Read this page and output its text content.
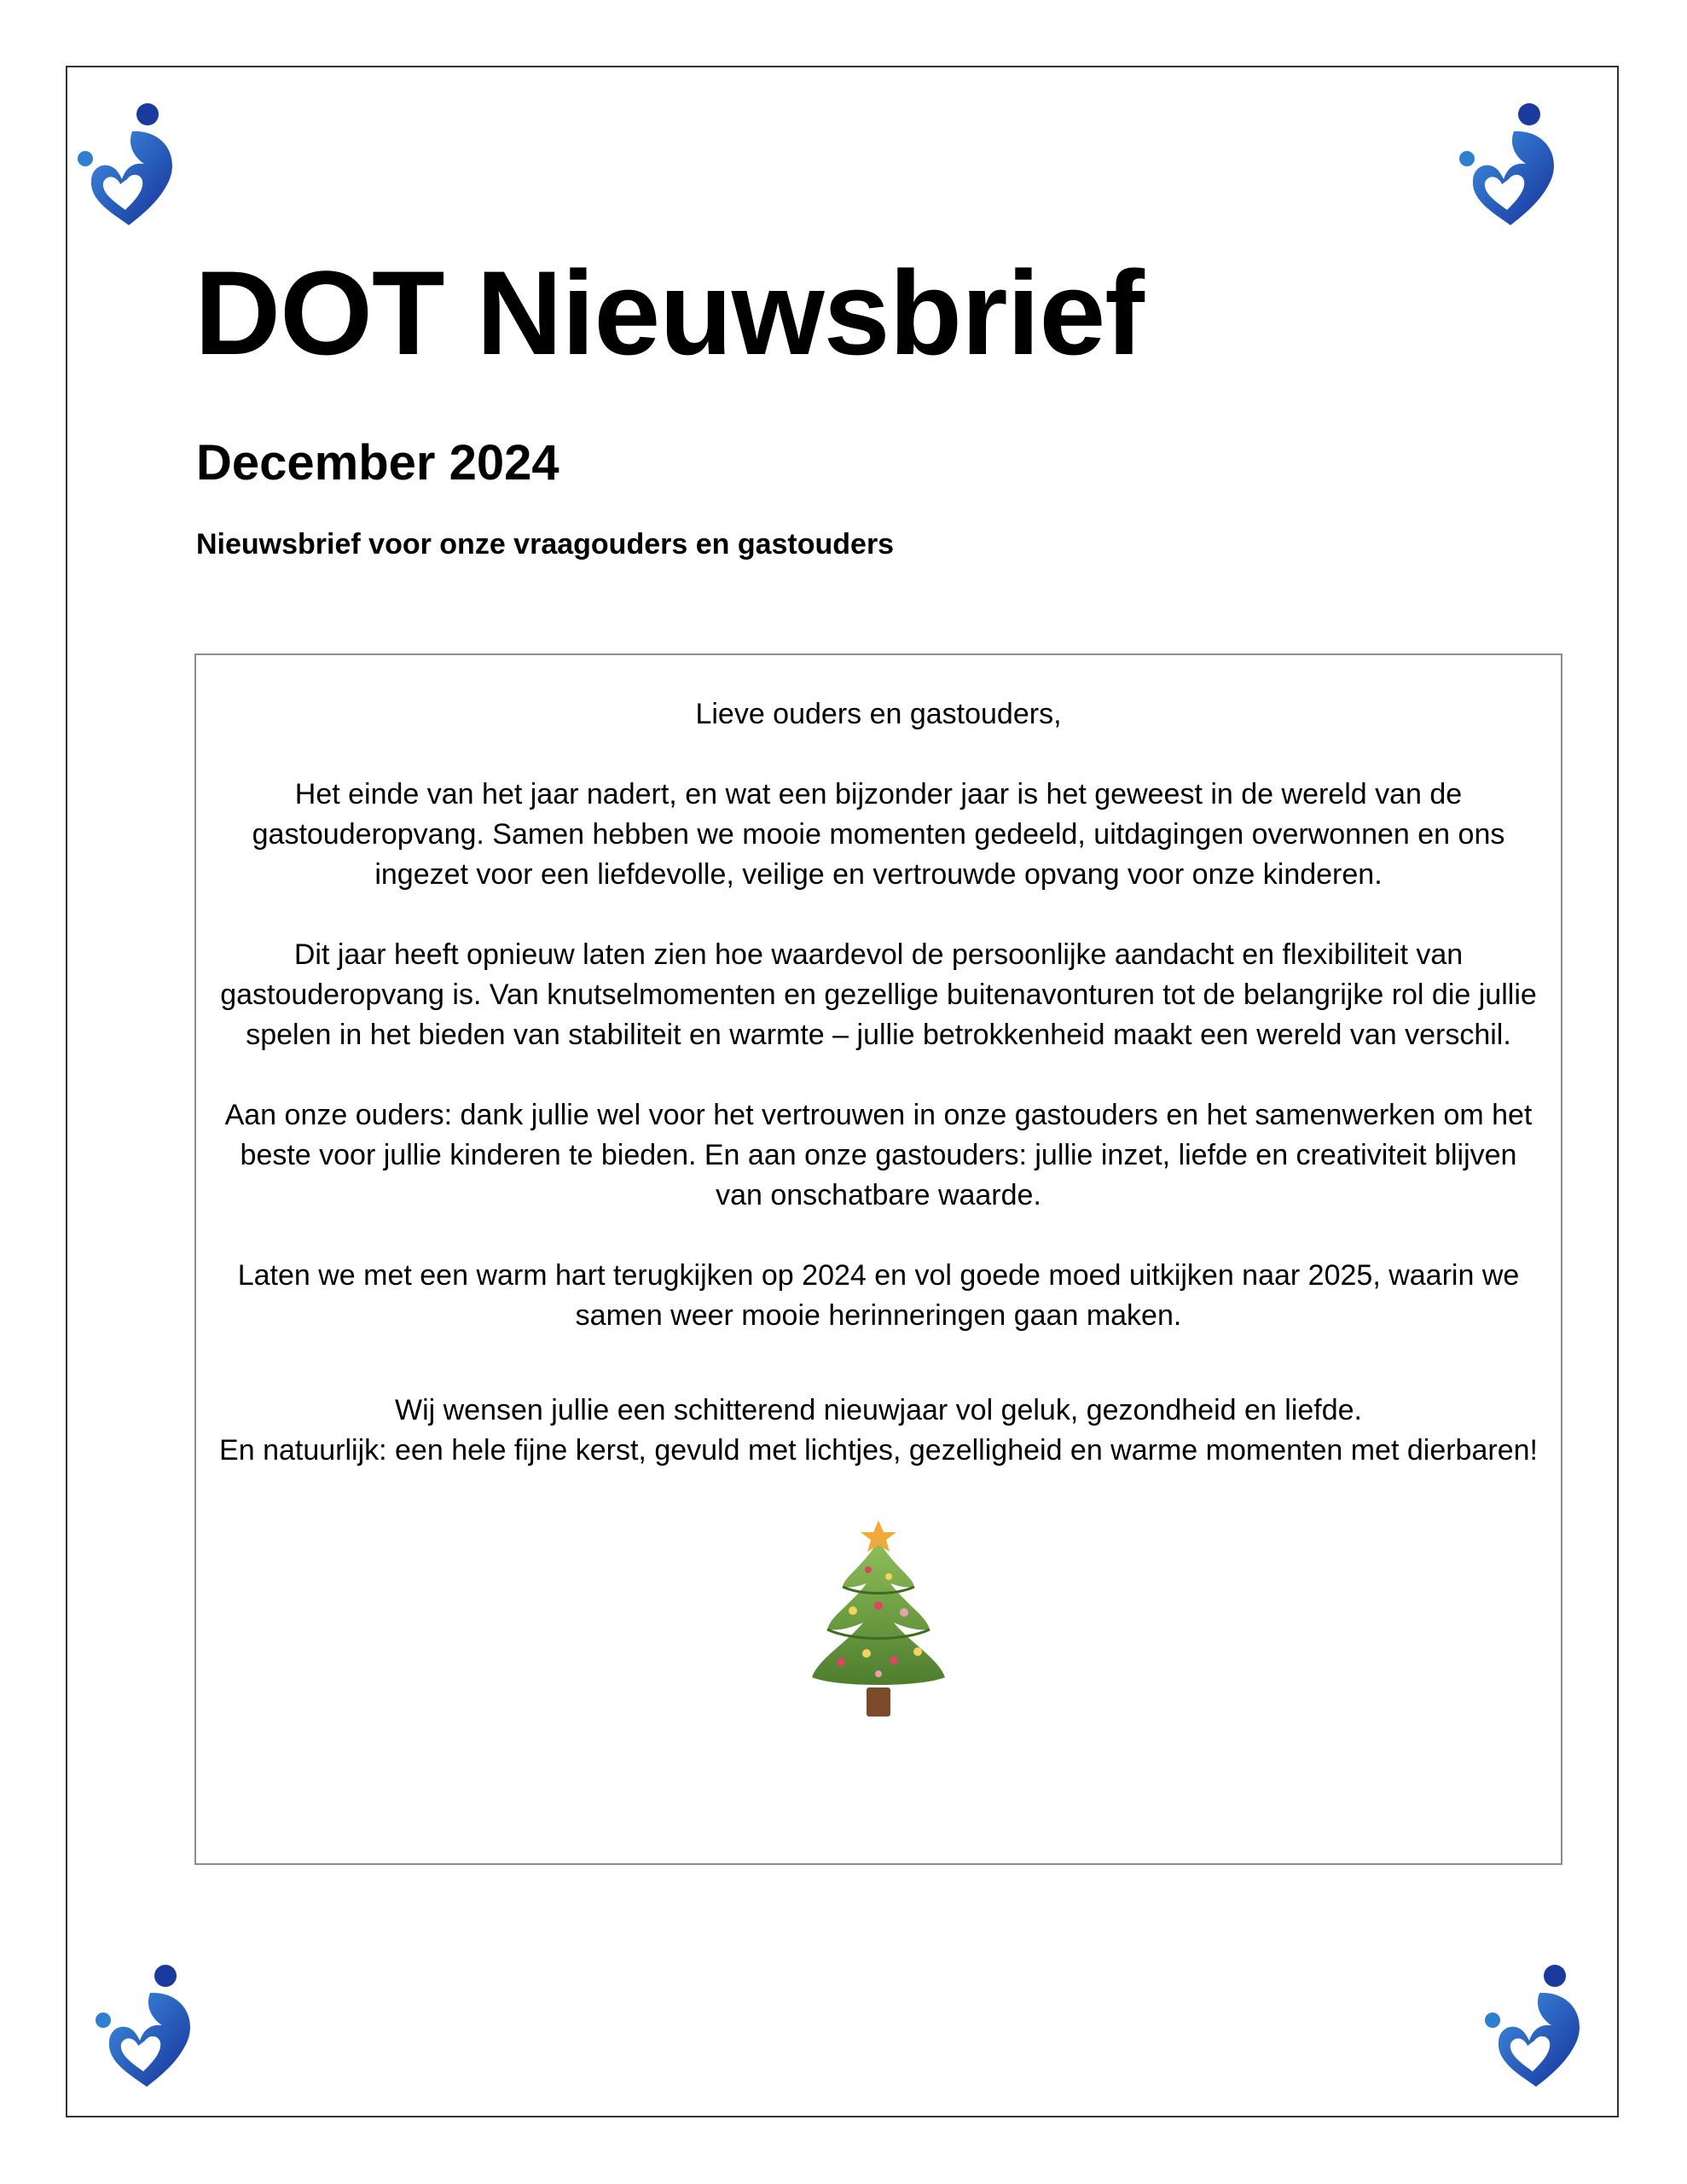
DOT Nieuwsbrief
December 2024

Nieuwsbrief voor onze vraagouders en gastouders

Lieve ouders en gastouders,

Het einde van het jaar nadert, en wat een bijzonder jaar is het geweest in de wereld van de gastouderopvang. Samen hebben we mooie momenten gedeeld, uitdagingen overwonnen en ons ingezet voor een liefdevolle, veilige en vertrouwde opvang voor onze kinderen.

Dit jaar heeft opnieuw laten zien hoe waardevol de persoonlijke aandacht en flexibiliteit van gastouderopvang is. Van knutselmomenten en gezellige buitenavonturen tot de belangrijke rol die jullie spelen in het bieden van stabiliteit en warmte – jullie betrokkenheid maakt een wereld van verschil.

Aan onze ouders: dank jullie wel voor het vertrouwen in onze gastouders en het samenwerken om het beste voor jullie kinderen te bieden. En aan onze gastouders: jullie inzet, liefde en creativiteit blijven van onschatbare waarde.

Laten we met een warm hart terugkijken op 2024 en vol goede moed uitkijken naar 2025, waarin we samen weer mooie herinneringen gaan maken.

Wij wensen jullie een schitterend nieuwjaar vol geluk, gezondheid en liefde.

En natuurlijk: een hele fijne kerst, gevuld met lichtjes, gezelligheid en warme momenten met dierbaren!
